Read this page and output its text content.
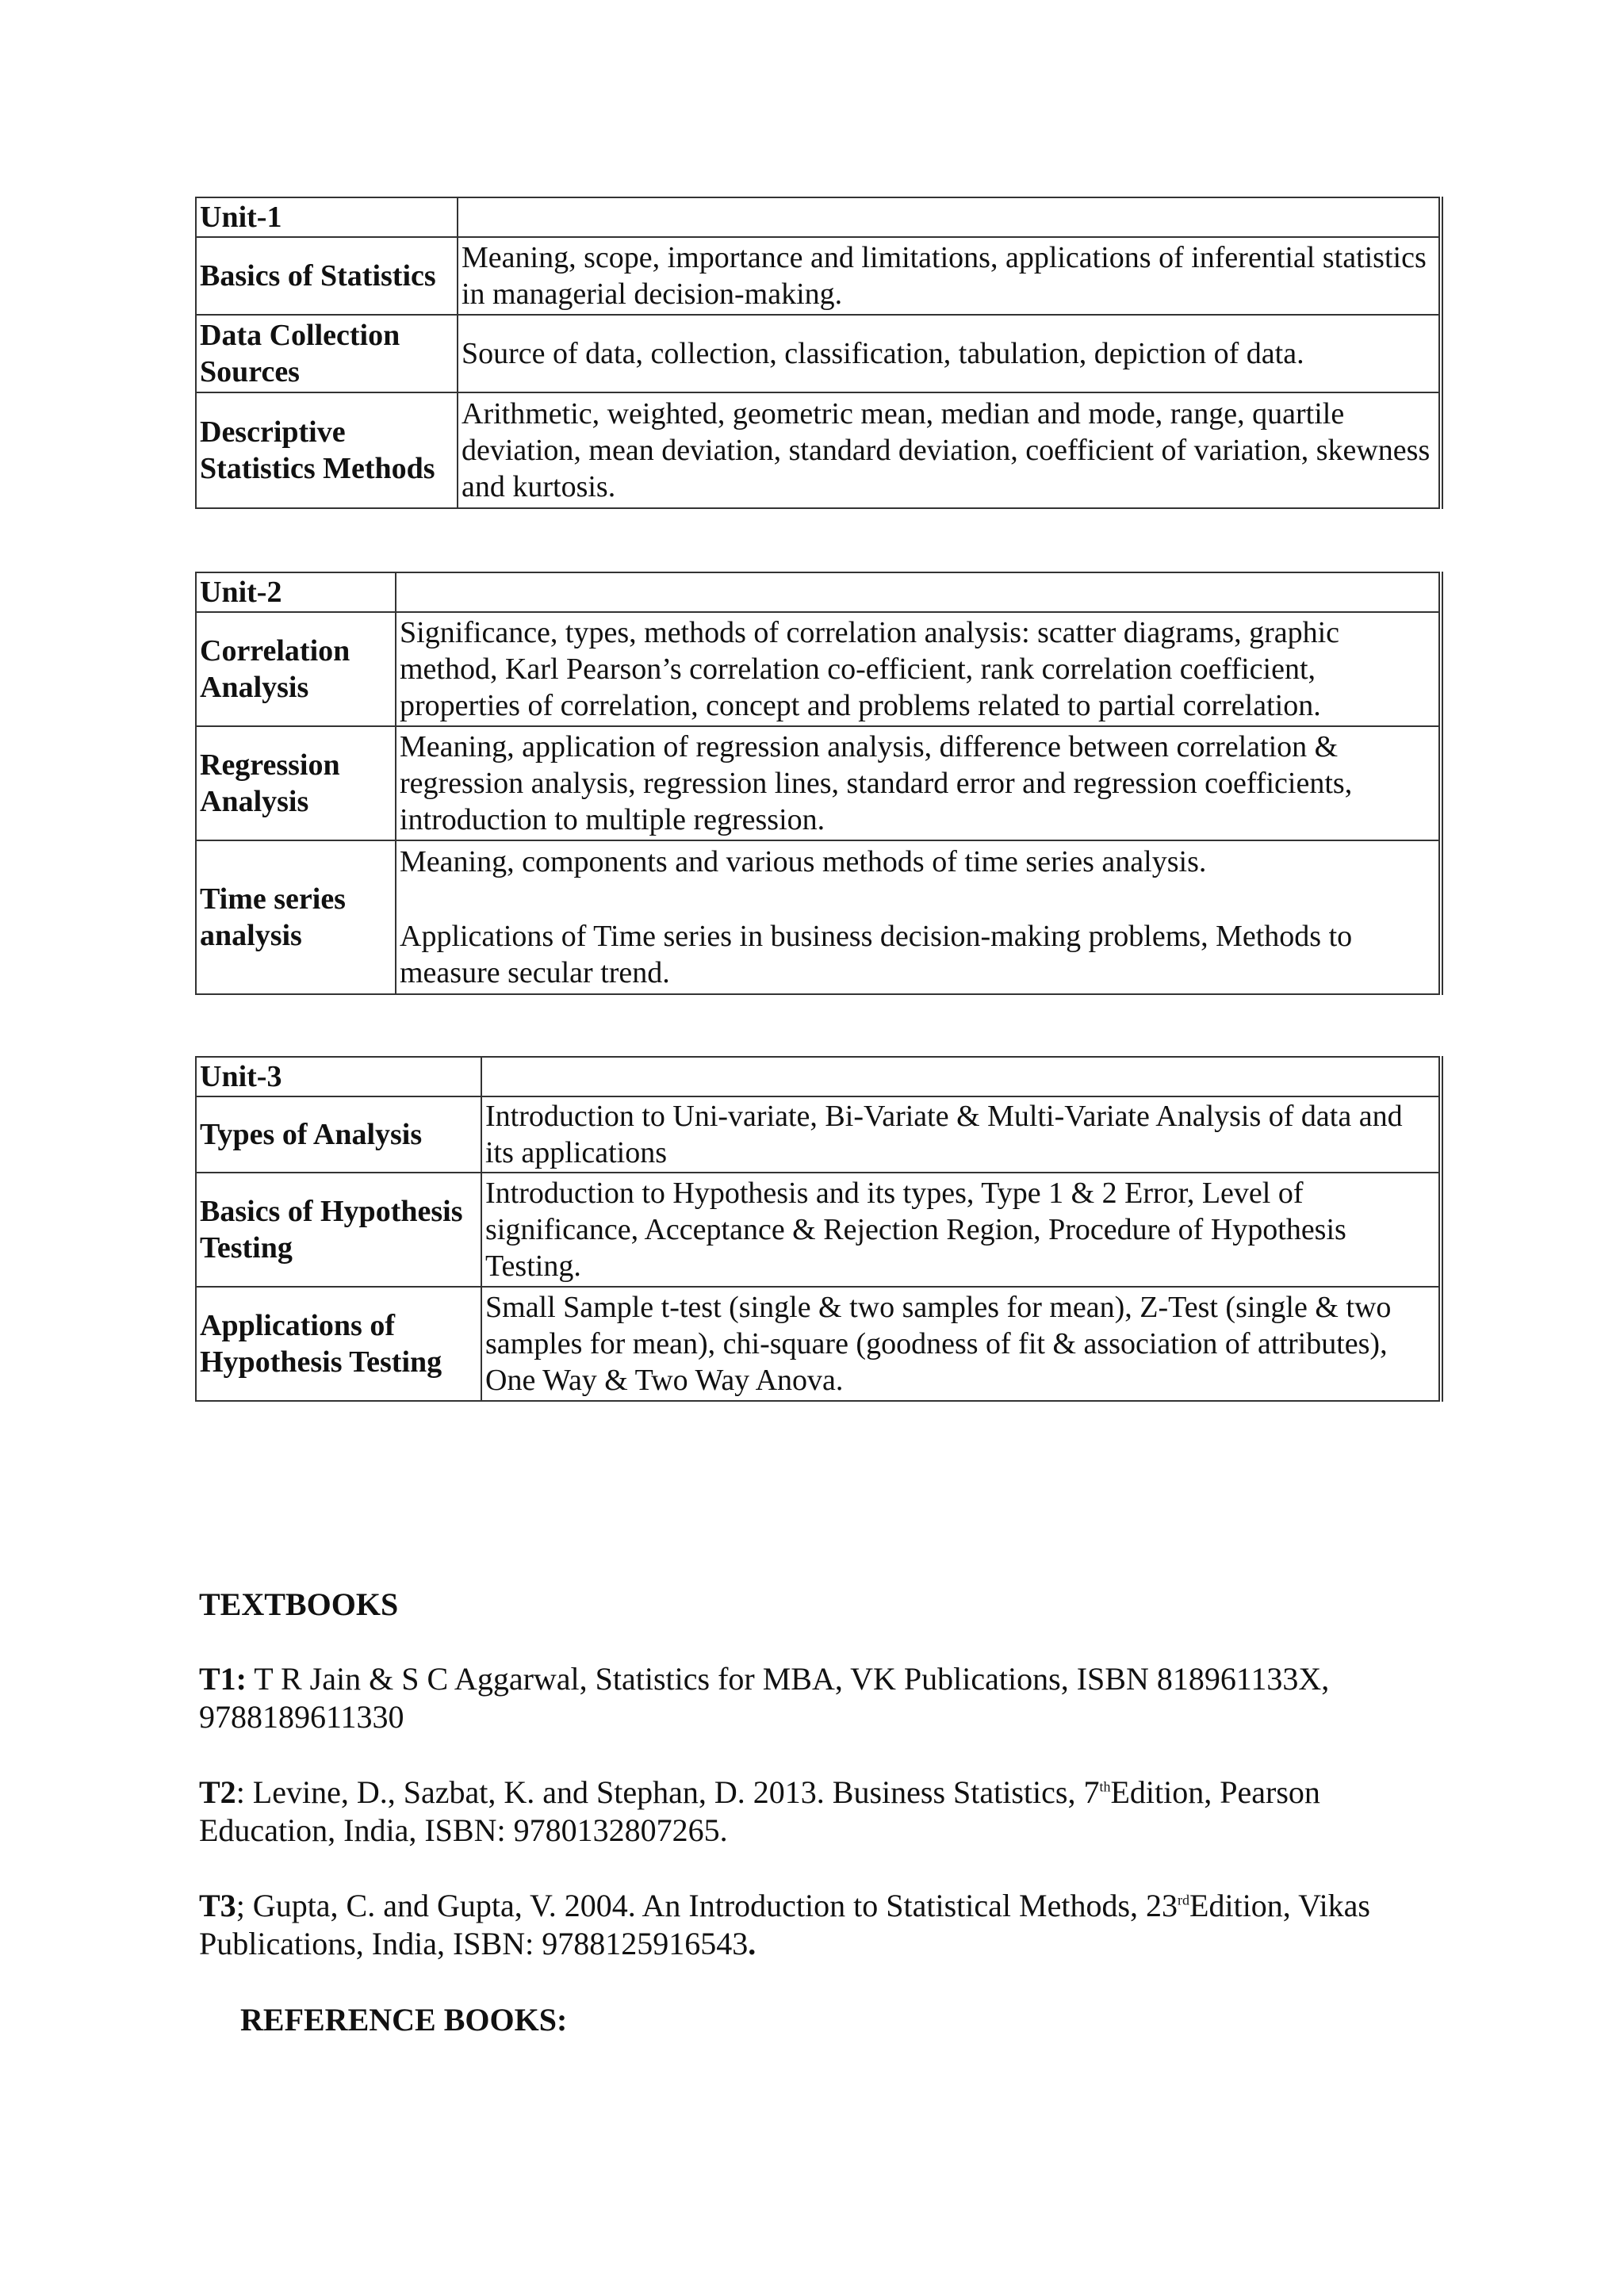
Unit-1	
Basics of Statistics	Meaning, scope, importance and limitations, applications of inferential statistics in managerial decision-making.
Data Collection Sources	Source of data, collection, classification, tabulation, depiction of data.
Descriptive Statistics Methods	Arithmetic, weighted, geometric mean, median and mode, range, quartile deviation, mean deviation, standard deviation, coefficient of variation, skewness and kurtosis.
Unit-2	
Correlation Analysis	Significance, types, methods of correlation analysis: scatter diagrams, graphic method, Karl Pearson’s correlation co-efficient, rank correlation coefficient, properties of correlation, concept and problems related to partial correlation.
Regression Analysis	Meaning, application of regression analysis, difference between correlation & regression analysis, regression lines, standard error and regression coefficients, introduction to multiple regression.
Time series analysis	Meaning, components and various methods of time series analysis.
Applications of Time series in business decision-making problems, Methods to measure secular trend.
Unit-3	
Types of Analysis	Introduction to Uni-variate, Bi-Variate & Multi-Variate Analysis of data and its applications
Basics of Hypothesis Testing	Introduction to Hypothesis and its types, Type 1 & 2 Error, Level of significance, Acceptance & Rejection Region, Procedure of Hypothesis Testing.
Applications of Hypothesis Testing	Small Sample t-test (single & two samples for mean), Z-Test (single & two samples for mean), chi-square (goodness of fit & association of attributes), One Way & Two Way Anova.
TEXTBOOKS
T1: T R Jain & S C Aggarwal, Statistics for MBA, VK Publications, ISBN 818961133X, 9788189611330
T2: Levine, D., Sazbat, K. and Stephan, D. 2013. Business Statistics, 7thEdition, Pearson Education, India, ISBN: 9780132807265.
T3; Gupta, C. and Gupta, V. 2004. An Introduction to Statistical Methods, 23rdEdition, Vikas Publications, India, ISBN: 9788125916543.
REFERENCE BOOKS:
